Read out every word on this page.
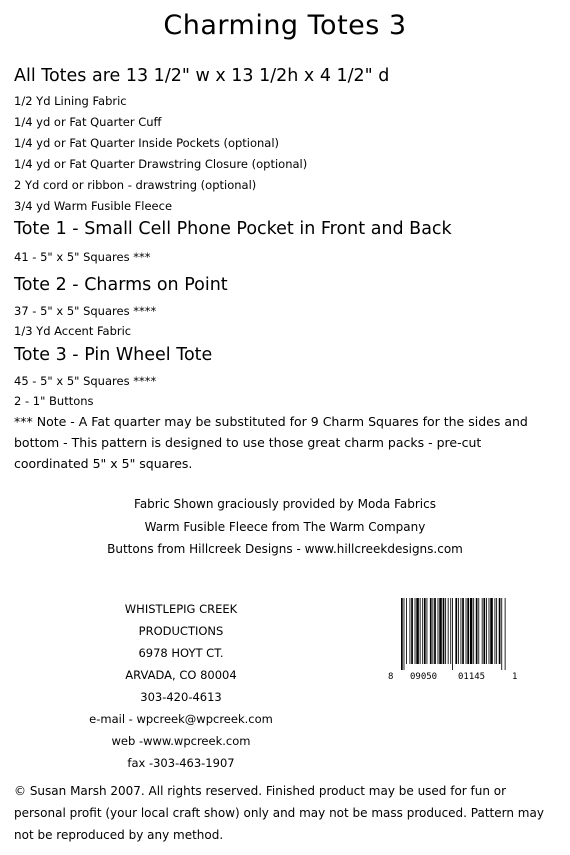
Charming Totes 3
All Totes are 13 1/2" w x 13 1/2h x 4 1/2" d
1/2 Yd Lining Fabric
1/4 yd or Fat Quarter Cuff
1/4 yd or Fat Quarter Inside Pockets (optional)
1/4 yd or Fat Quarter Drawstring Closure (optional)
2 Yd cord or ribbon - drawstring (optional)
3/4 yd Warm Fusible Fleece
Tote 1 - Small Cell Phone Pocket in Front and Back
41 - 5" x 5" Squares ***
Tote 2 - Charms on Point
37 - 5" x 5" Squares ****
1/3 Yd Accent Fabric
Tote 3 - Pin Wheel Tote
45 - 5" x 5" Squares ****
2 - 1" Buttons
*** Note - A Fat quarter may be substituted for 9 Charm Squares for the sides and bottom - This pattern is designed to use those great charm packs - pre-cut coordinated 5" x 5" squares.
Fabric Shown graciously provided by Moda Fabrics
Warm Fusible Fleece from The Warm Company
Buttons from Hillcreek Designs - www.hillcreekdesigns.com
WHISTLEPIG CREEK
PRODUCTIONS
6978 HOYT CT.
ARVADA, CO 80004
303-420-4613
e-mail - wpcreek@wpcreek.com
web -www.wpcreek.com
fax -303-463-1907
8 09050 01145	1
© Susan Marsh 2007. All rights reserved. Finished product may be used for fun or personal profit (your local craft show) only and may not be mass produced. Pattern may not be reproduced by any method.
